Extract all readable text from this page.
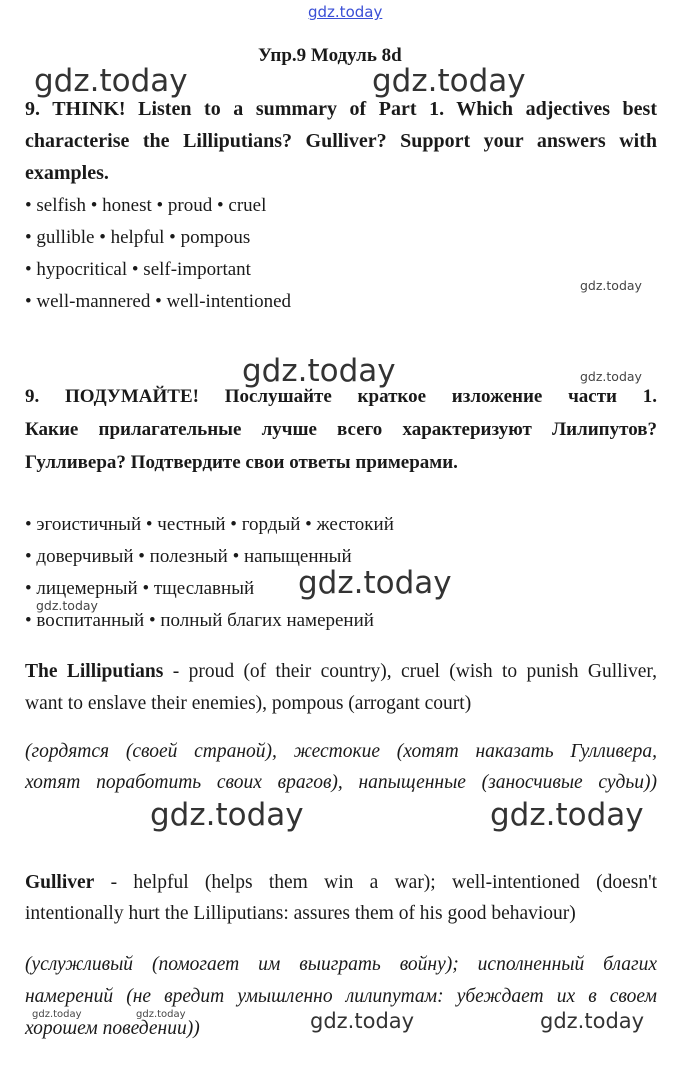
gdz.today
gdz.today	gdz.today
gdz.today
gdz.today	gdz.today
gdz.today
gdz.today
gdz.today	gdz.today
gdz.today	gdz.today	gdz.today	gdz.today
Упр.9 Модуль 8d
9. THINK! Listen to a summary of Part 1. Which adjectives best
characterise the Lilliputians? Gulliver? Support your answers with
examples.
• selfish • honest • proud • cruel
• gullible • helpful • pompous
• hypocritical • self-important
• well-mannered • well-intentioned
9. ПОДУМАЙТЕ! Послушайте краткое изложение части 1.
Какие прилагательные лучше всего характеризуют Лилипутов?
Гулливера? Подтвердите свои ответы примерами.
• эгоистичный • честный • гордый • жестокий
• доверчивый • полезный • напыщенный
• лицемерный • тщеславный
• воспитанный • полный благих намерений
The Lilliputians - proud (of their country), cruel (wish to punish Gulliver,
want to enslave their enemies), pompous (arrogant court)
(гордятся (своей страной), жестокие (хотят наказать Гулливера,
хотят поработить своих врагов), напыщенные (заносчивые судьи))
Gulliver - helpful (helps them win a war); well-intentioned (doesn't
intentionally hurt the Lilliputians: assures them of his good behaviour)
(услужливый (помогает им выиграть войну); исполненный благих
намерений (не вредит умышленно лилипутам: убеждает их в своем
хорошем поведении))
